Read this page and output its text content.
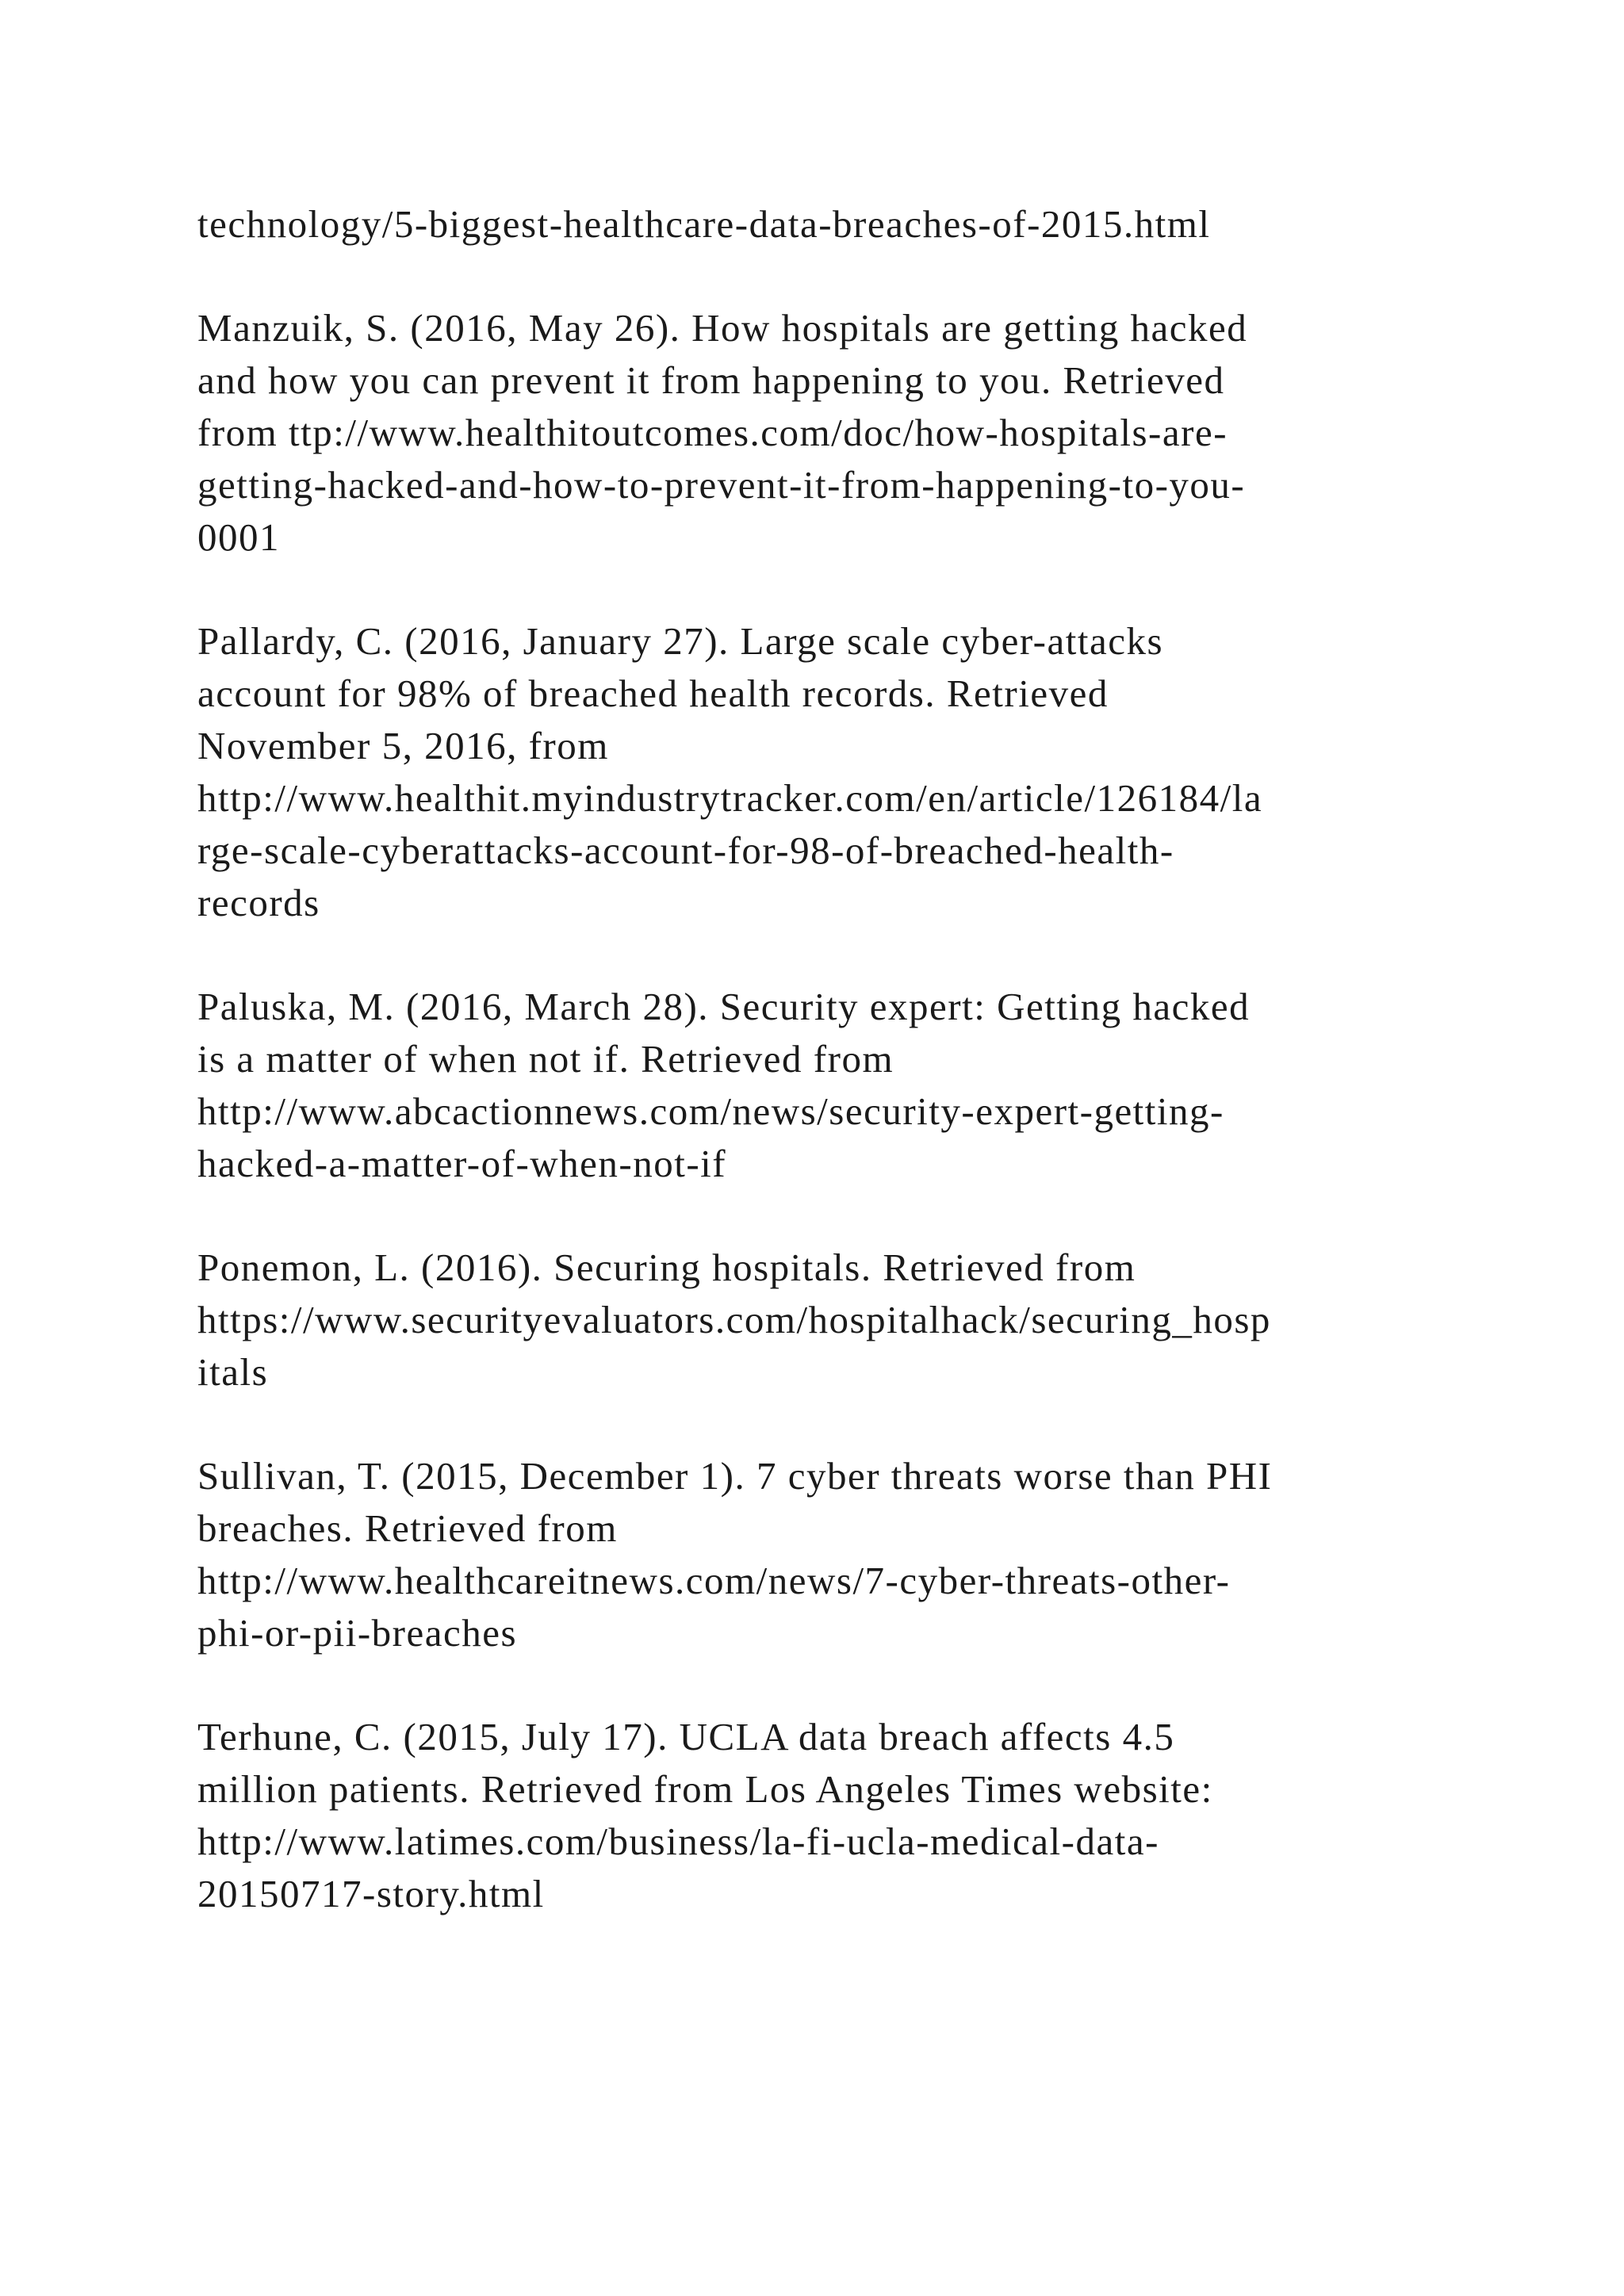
technology/5-biggest-healthcare-data-breaches-of-2015.html
Manzuik, S. (2016, May 26). How hospitals are getting hacked
and how you can prevent it from happening to you. Retrieved
from ttp://www.healthitoutcomes.com/doc/how-hospitals-are-
getting-hacked-and-how-to-prevent-it-from-happening-to-you-
0001
Pallardy, C. (2016, January 27). Large scale cyber-attacks
account for 98% of breached health records. Retrieved
November 5, 2016, from
http://www.healthit.myindustrytracker.com/en/article/126184/la
rge-scale-cyberattacks-account-for-98-of-breached-health-
records
Paluska, M. (2016, March 28). Security expert: Getting hacked
is a matter of when not if. Retrieved from
http://www.abcactionnews.com/news/security-expert-getting-
hacked-a-matter-of-when-not-if
Ponemon, L. (2016). Securing hospitals. Retrieved from
https://www.securityevaluators.com/hospitalhack/securing_hosp
itals
Sullivan, T. (2015, December 1). 7 cyber threats worse than PHI
breaches. Retrieved from
http://www.healthcareitnews.com/news/7-cyber-threats-other-
phi-or-pii-breaches
Terhune, C. (2015, July 17). UCLA data breach affects 4.5
million patients. Retrieved from Los Angeles Times website:
http://www.latimes.com/business/la-fi-ucla-medical-data-
20150717-story.html
